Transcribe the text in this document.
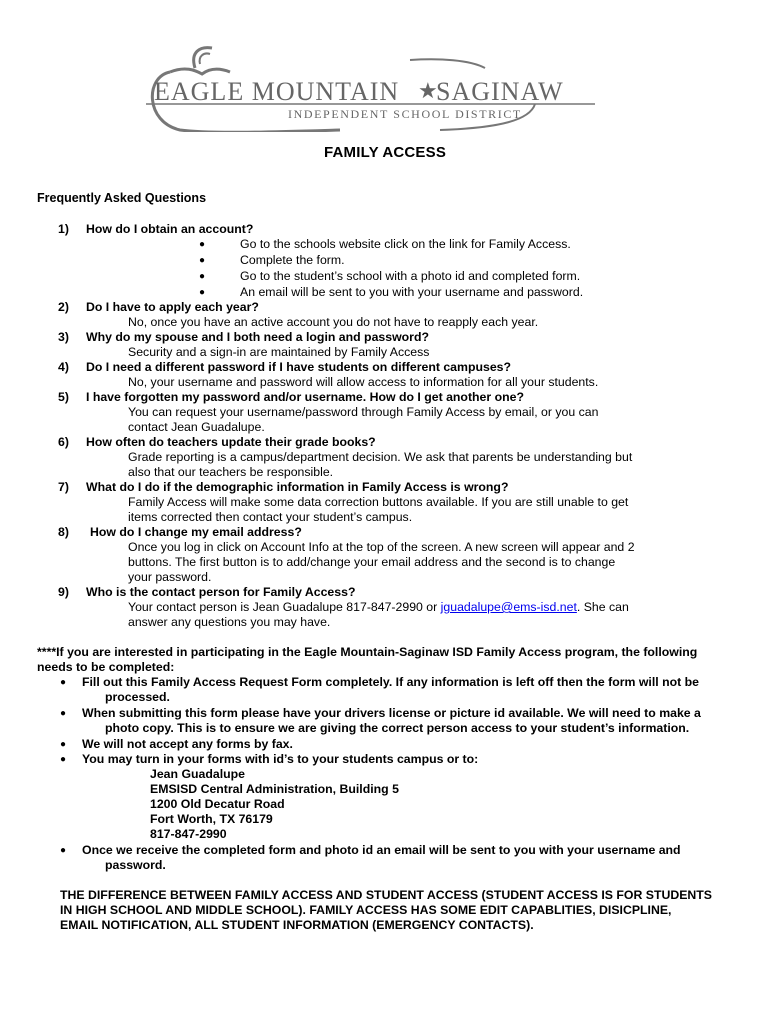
EAGLE MOUNTAIN SAGINAW
★
INDEPENDENT SCHOOL DISTRICT
FAMILY ACCESS
Frequently Asked Questions
1) How do I obtain an account?
●	Go to the schools website click on the link for Family Access.
●	Complete the form.
●	Go to the student’s school with a photo id and completed form.
●	An email will be sent to you with your username and password.
2) Do I have to apply each year?
No, once you have an active account you do not have to reapply each year.
3) Why do my spouse and I both need a login and password?
Security and a sign-in are maintained by Family Access
4) Do I need a different password if I have students on different campuses?
No, your username and password will allow access to information for all your students.
5) I have forgotten my password and/or username. How do I get another one?
You can request your username/password through Family Access by email, or you can
contact Jean Guadalupe.
6) How often do teachers update their grade books?
Grade reporting is a campus/department decision. We ask that parents be understanding but
also that our teachers be responsible.
7) What do I do if the demographic information in Family Access is wrong?
Family Access will make some data correction buttons available. If you are still unable to get
items corrected then contact your student’s campus.
8) How do I change my email address?
Once you log in click on Account Info at the top of the screen. A new screen will appear and 2
buttons. The first button is to add/change your email address and the second is to change
your password.
9) Who is the contact person for Family Access?
Your contact person is Jean Guadalupe 817-847-2990 or jguadalupe@ems-isd.net. She can
answer any questions you may have.
****If you are interested in participating in the Eagle Mountain-Saginaw ISD Family Access program, the following
needs to be completed:
● Fill out this Family Access Request Form completely. If any information is left off then the form will not be
processed.
● When submitting this form please have your drivers license or picture id available. We will need to make a
photo copy. This is to ensure we are giving the correct person access to your student’s information.
● We will not accept any forms by fax.
● You may turn in your forms with id’s to your students campus or to:
Jean Guadalupe
EMSISD Central Administration, Building 5
1200 Old Decatur Road
Fort Worth, TX 76179
817-847-2990
● Once we receive the completed form and photo id an email will be sent to you with your username and
password.
THE DIFFERENCE BETWEEN FAMILY ACCESS AND STUDENT ACCESS (STUDENT ACCESS IS FOR STUDENTS
IN HIGH SCHOOL AND MIDDLE SCHOOL). FAMILY ACCESS HAS SOME EDIT CAPABLITIES, DISICPLINE,
EMAIL NOTIFICATION, ALL STUDENT INFORMATION (EMERGENCY CONTACTS).
